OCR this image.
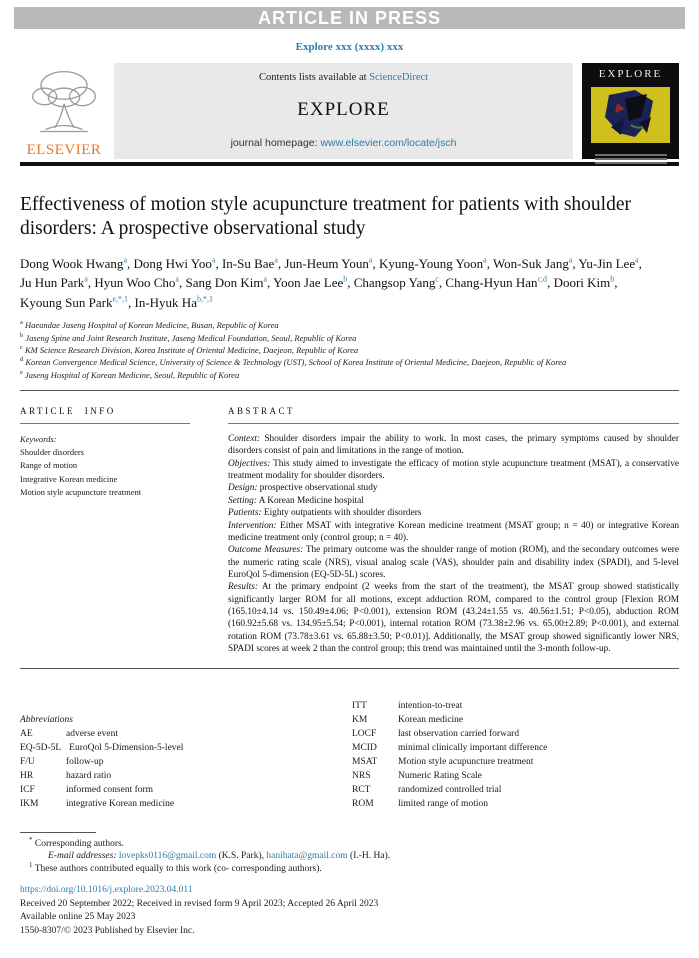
ARTICLE IN PRESS
Explore xxx (xxxx) xxx
ELSEVIER
Contents lists available at ScienceDirect
EXPLORE
journal homepage: www.elsevier.com/locate/jsch
EXPLORE
Effectiveness of motion style acupuncture treatment for patients with shoulder disorders: A prospective observational study
Dong Wook Hwang$^a$ , Dong Hwi Yoo$^a$ , In-Su Bae$^a$ , Jun-Heum Youn$^a$ , Kyung-Young Yoon$^a$ , Won-Suk Jang$^a$ , Yu-Jin Lee$^a$ , Ju Hun Park$^a$ , Hyun Woo Cho$^a$ , Sang Don Kim$^a$ , Yoon Jae Lee$^b$ , Changsop Yang$^c$ , Chang-Hyun Han$^{c,d}$ , Doori Kim$^b$ , Kyoung Sun Park$^{e,*,1}$ , In-Hyuk $Ha^{b,*,1}$
$^a$ Haeundae Jaseng Hospital of Korean Medicine, Busan, Republic of Korea
$^b$ Jaseng Spine and Joint Research Institute, Jaseng Medical Foundation, Seoul, Republic of Korea
$^c$ KM Science Research Division, Korea Institute of Oriental Medicine, Daejeon, Republic of Korea
$^d$ Korean Convergence Medical Science, University of Science & Technology (UST), School of Korea Institute of Oriental Medicine, Daejeon, Republic of Korea
$^e$ Jaseng Hospital of Korean Medicine, Seoul, Republic of Korea
ARTICLE INFO
Keywords:
Shoulder disorders
Range of motion
Integrative Korean medicine
Motion style acupuncture treatment
ABSTRACT
Context: Shoulder disorders impair the ability to work. In most cases, the primary symptoms caused by shoulder disorders consist of pain and limitations in the range of motion.
Objectives: This study aimed to investigate the efficacy of motion style acupuncture treatment (MSAT), a conservative treatment modality for shoulder disorders.
Design: prospective observational study
Setting: A Korean Medicine hospital
Patients: Eighty outpatients with shoulder disorders
Intervention: Either MSAT with integrative Korean medicine treatment (MSAT group; n = 40) or integrative Korean medicine treatment only (control group; n = 40).
Outcome Measures: The primary outcome was the shoulder range of motion (ROM), and the secondary outcomes were the numeric rating scale (NRS), visual analog scale (VAS), shoulder pain and disability index (SPADI), and 5-level EuroQol 5-dimension (EQ-5D-5L) scores.
Results: At the primary endpoint (2 weeks from the start of the treatment), the MSAT group showed statistically significantly larger ROM for all motions, except adduction ROM, compared to the control group [Flexion ROM (165.10±4.14 vs. 150.49±4.06; P<0.001), extension ROM (43.24±1.55 vs. 40.56±1.51; P<0.05), abduction ROM (160.92±5.68 vs. 134.95±5.54; P<0.001), internal rotation ROM (73.38±2.96 vs. 65.00±2.89; P<0.001), and external rotation ROM (73.78±3.61 vs. 65.88±3.50; P<0.01)]. Additionally, the MSAT group showed significantly lower NRS, SPADI scores at week 2 than the control group; this trend was maintained until the 3-month follow-up.
Abbreviations
AE	adverse event
EQ-5D-5L EuroQol 5-Dimension-5-level
F/U	follow-up
HR	hazard ratio
ICF	informed consent form
IKM	integrative Korean medicine
ITT	intention-to-treat
KM	Korean medicine
LOCF	last observation carried forward
MCID	minimal clinically important difference
MSAT	Motion style acupuncture treatment
NRS	Numeric Rating Scale
RCT	randomized controlled trial
ROM	limited range of motion
* Corresponding authors.
E-mail addresses: lovepks0116@gmail.com (K.S. Park), hanihata@gmail.com (I.-H. Ha).
$^1$ These authors contributed equally to this work (co- corresponding authors).
https://doi.org/10.1016/j.explore.2023.04.011
Received 20 September 2022; Received in revised form 9 April 2023; Accepted 26 April 2023
Available online 25 May 2023
1550-8307/© 2023 Published by Elsevier Inc.
